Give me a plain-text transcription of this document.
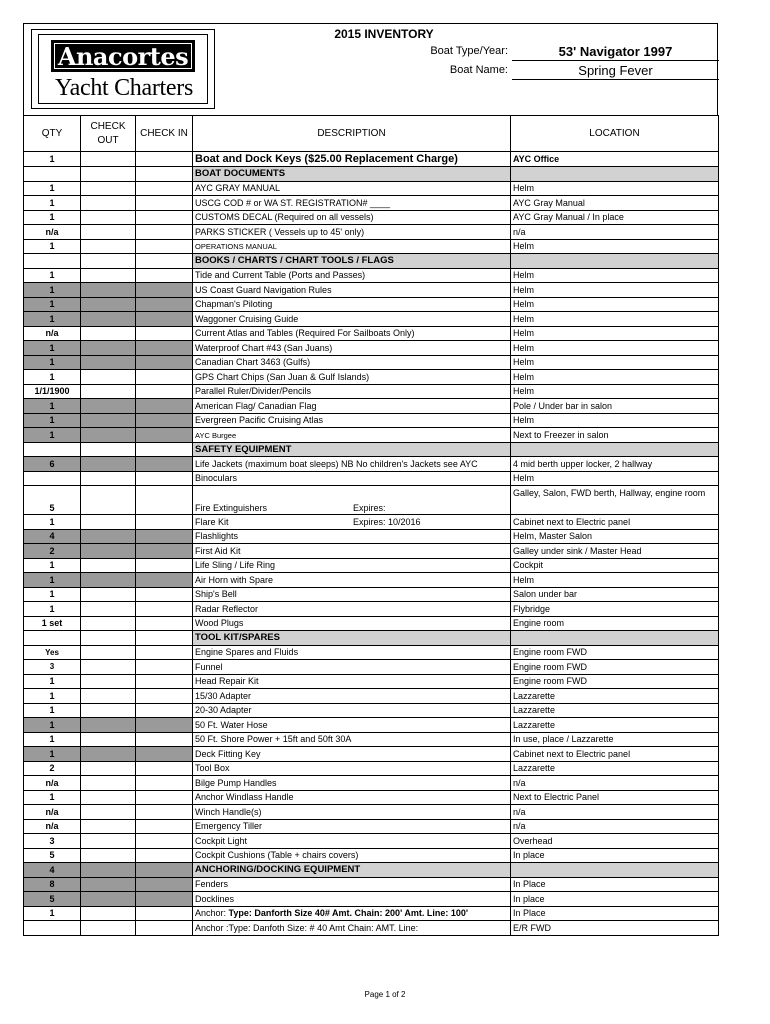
Anacortes
Yacht Charters
2015 INVENTORY
Boat Type/Year:	53' Navigator 1997
Boat Name:	Spring Fever
QTY	CHECK OUT	CHECK IN	DESCRIPTION	LOCATION
1			Boat and Dock Keys ($25.00 Replacement Charge)	AYC Office
			BOAT DOCUMENTS	
1			AYC GRAY MANUAL	Helm
1			USCG COD # or WA ST. REGISTRATION# ____	AYC Gray Manual
1			CUSTOMS DECAL (Required on all vessels)	AYC Gray Manual / In place
n/a			PARKS STICKER ( Vessels up to 45' only)	n/a
1			OPERATIONS MANUAL	Helm
			BOOKS / CHARTS / CHART TOOLS / FLAGS	
1			Tide and Current Table (Ports and Passes)	Helm
1			US Coast Guard Navigation Rules	Helm
1			Chapman's Piloting	Helm
1			Waggoner Cruising Guide	Helm
n/a			Current Atlas and Tables (Required For Sailboats Only)	Helm
1			Waterproof Chart #43 (San Juans)	Helm
1			Canadian Chart 3463 (Gulfs)	Helm
1			GPS Chart Chips (San Juan & Gulf Islands)	Helm
1/1/1900			Parallel Ruler/Divider/Pencils	Helm
1			American Flag/ Canadian Flag	Pole / Under bar in salon
1			Evergreen Pacific Cruising Atlas	Helm
1			AYC Burgee	Next to Freezer in salon
			SAFETY EQUIPMENT	
6			Life Jackets (maximum boat sleeps) NB No children's Jackets see AYC	4 mid berth upper locker, 2 hallway
			Binoculars	Helm
5			Fire Extinguishers Expires:	Galley, Salon, FWD berth, Hallway, engine room
1			Flare Kit Expires: 10/2016	Cabinet next to Electric panel
4			Flashlights	Helm, Master Salon
2			First Aid Kit	Galley under sink / Master Head
1			Life Sling / Life Ring	Cockpit
1			Air Horn with Spare	Helm
1			Ship's Bell	Salon under bar
1			Radar Reflector	Flybridge
1 set			Wood Plugs	Engine room
			TOOL KIT/SPARES	
Yes			Engine Spares and Fluids	Engine room FWD
3			Funnel	Engine room FWD
1			Head Repair Kit	Engine room FWD
1			15/30 Adapter	Lazzarette
1			20-30 Adapter	Lazzarette
1			50 Ft. Water Hose	Lazzarette
1			50 Ft. Shore Power + 15ft and 50ft 30A	In use, place / Lazzarette
1			Deck Fitting Key	Cabinet next to Electric panel
2			Tool Box	Lazzarette
n/a			Bilge Pump Handles	n/a
1			Anchor Windlass Handle	Next to Electric Panel
n/a			Winch Handle(s)	n/a
n/a			Emergency Tiller	n/a
3			Cockpit Light	Overhead
5			Cockpit Cushions (Table + chairs covers)	In place
4			ANCHORING/DOCKING EQUIPMENT	
8			Fenders	In Place
5			Docklines	In place
1			Anchor: Type: Danforth Size 40# Amt. Chain: 200' Amt. Line: 100'	In Place
			Anchor :Type: Danfoth Size: # 40 Amt Chain: AMT. Line:	E/R FWD
Page 1 of 2
